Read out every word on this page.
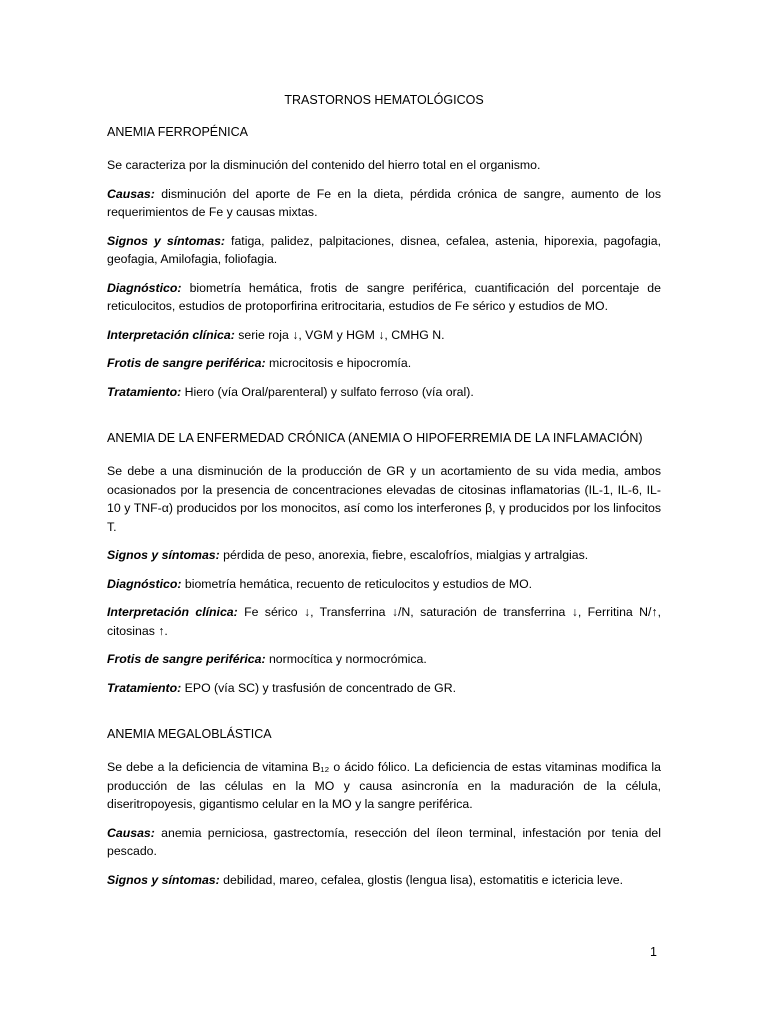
TRASTORNOS HEMATOLÓGICOS
ANEMIA FERROPÉNICA

Se caracteriza por la disminución del contenido del hierro total en el organismo.

Causas: disminución del aporte de Fe en la dieta, pérdida crónica de sangre, aumento de los requerimientos de Fe y causas mixtas.

Signos y síntomas: fatiga, palidez, palpitaciones, disnea, cefalea, astenia, hiporexia, pagofagia, geofagia, Amilofagia, foliofagia.

Diagnóstico: biometría hemática, frotis de sangre periférica, cuantificación del porcentaje de reticulocitos, estudios de protoporfirina eritrocitaria, estudios de Fe sérico y estudios de MO.

Interpretación clínica: serie roja ↓, VGM y HGM ↓, CMHG N.

Frotis de sangre periférica: microcitosis e hipocromía.

Tratamiento: Hiero (vía Oral/parenteral) y sulfato ferroso (vía oral).

ANEMIA DE LA ENFERMEDAD CRÓNICA (ANEMIA O HIPOFERREMIA DE LA INFLAMACIÓN)

Se debe a una disminución de la producción de GR y un acortamiento de su vida media, ambos ocasionados por la presencia de concentraciones elevadas de citosinas inflamatorias (IL-1, IL-6, IL-10 y TNF-α) producidos por los monocitos, así como los interferones β, γ producidos por los linfocitos T.

Signos y síntomas: pérdida de peso, anorexia, fiebre, escalofríos, mialgias y artralgias.

Diagnóstico: biometría hemática, recuento de reticulocitos y estudios de MO.

Interpretación clínica: Fe sérico ↓, Transferrina ↓/N, saturación de transferrina ↓, Ferritina N/↑, citosinas ↑.

Frotis de sangre periférica: normocítica y normocrómica.

Tratamiento: EPO (vía SC) y trasfusión de concentrado de GR.

ANEMIA MEGALOBLÁSTICA

Se debe a la deficiencia de vitamina B₁₂ o ácido fólico. La deficiencia de estas vitaminas modifica la producción de las células en la MO y causa asincronía en la maduración de la célula, diseritropoyesis, gigantismo celular en la MO y la sangre periférica.

Causas: anemia perniciosa, gastrectomía, resección del íleon terminal, infestación por tenia del pescado.

Signos y síntomas: debilidad, mareo, cefalea, glostis (lengua lisa), estomatitis e ictericia leve.

1
